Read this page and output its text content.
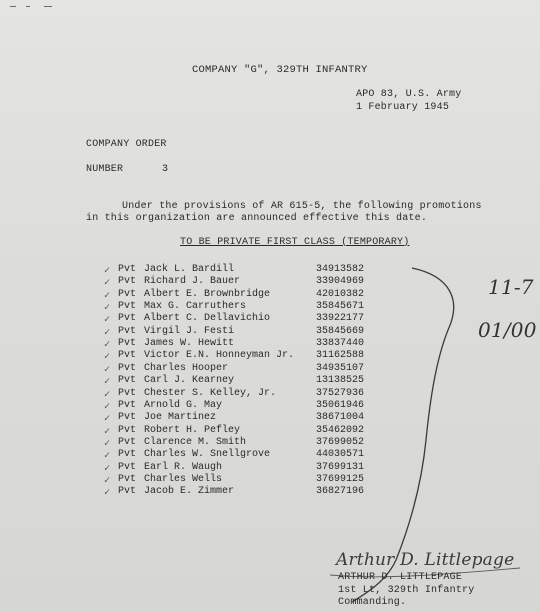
COMPANY "G", 329TH INFANTRY
APO 83, U.S. Army
1 February 1945
COMPANY ORDER
NUMBER	3
Under the provisions of AR 615-5, the following promotions
in this organization are announced effective this date.
TO BE PRIVATE FIRST CLASS (TEMPORARY)
✓ Pvt Jack L. Bardill	34913582
✓ Pvt Richard J. Bauer	33904969
✓ Pvt Albert E. Brownbridge	42010382
✓ Pvt Max G. Carruthers	35845671
✓ Pvt Albert C. Dellavichio	33922177
✓ Pvt Virgil J. Festi	35845669
✓ Pvt James W. Hewitt	33837440
✓ Pvt Victor E.N. Honneyman Jr. 31162588
✓ Pvt Charles Hooper	34935107
✓ Pvt Carl J. Kearney	13138525
✓ Pvt Chester S. Kelley, Jr.	37527936
✓ Pvt Arnold G. May	35061946
✓ Pvt Joe Martinez	38671004
✓ Pvt Robert H. Pefley	35462092
✓ Pvt Clarence M. Smith	37699052
✓ Pvt Charles W. Snellgrove	44030571
✓ Pvt Earl R. Waugh	37699131
✓ Pvt Charles Wells	37699125
✓ Pvt Jacob E. Zimmer	36827196
11-7
01/00
Arthur D. Littlepage
ARTHUR D. LITTLEPAGE
1st Lt, 329th Infantry
Commanding.
